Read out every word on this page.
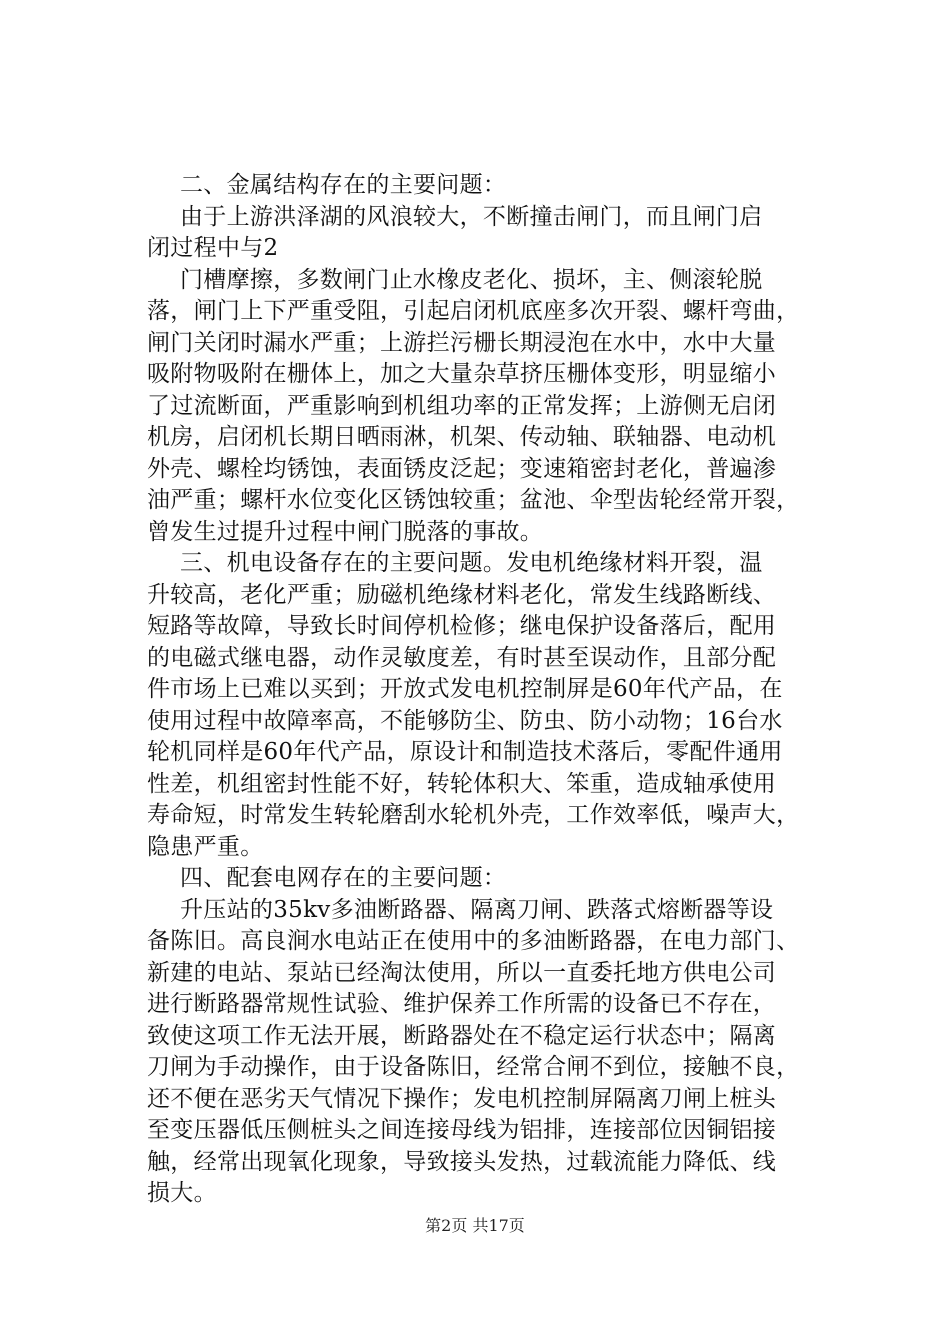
二、金属结构存在的主要问题：
由于上游洪泽湖的风浪较大，不断撞击闸门，而且闸门启
闭过程中与2
门槽摩擦，多数闸门止水橡皮老化、损坏，主、侧滚轮脱
落，闸门上下严重受阻，引起启闭机底座多次开裂、螺杆弯曲，
闸门关闭时漏水严重；上游拦污栅长期浸泡在水中，水中大量
吸附物吸附在栅体上，加之大量杂草挤压栅体变形，明显缩小
了过流断面，严重影响到机组功率的正常发挥；上游侧无启闭
机房，启闭机长期日晒雨淋，机架、传动轴、联轴器、电动机
外壳、螺栓均锈蚀，表面锈皮泛起；变速箱密封老化，普遍渗
油严重；螺杆水位变化区锈蚀较重；盆池、伞型齿轮经常开裂，
曾发生过提升过程中闸门脱落的事故。
三、机电设备存在的主要问题。发电机绝缘材料开裂，温
升较高，老化严重；励磁机绝缘材料老化，常发生线路断线、
短路等故障，导致长时间停机检修；继电保护设备落后，配用
的电磁式继电器，动作灵敏度差，有时甚至误动作，且部分配
件市场上已难以买到；开放式发电机控制屏是60年代产品，在
使用过程中故障率高，不能够防尘、防虫、防小动物；16台水
轮机同样是60年代产品，原设计和制造技术落后，零配件通用
性差，机组密封性能不好，转轮体积大、笨重，造成轴承使用
寿命短，时常发生转轮磨刮水轮机外壳，工作效率低，噪声大，
隐患严重。
四、配套电网存在的主要问题：
升压站的35kv多油断路器、隔离刀闸、跌落式熔断器等设
备陈旧。高良涧水电站正在使用中的多油断路器，在电力部门、
新建的电站、泵站已经淘汰使用，所以一直委托地方供电公司
进行断路器常规性试验、维护保养工作所需的设备已不存在，
致使这项工作无法开展，断路器处在不稳定运行状态中；隔离
刀闸为手动操作，由于设备陈旧，经常合闸不到位，接触不良，
还不便在恶劣天气情况下操作；发电机控制屏隔离刀闸上桩头
至变压器低压侧桩头之间连接母线为铝排，连接部位因铜铝接
触，经常出现氧化现象，导致接头发热，过载流能力降低、线
损大。
第2页 共17页
